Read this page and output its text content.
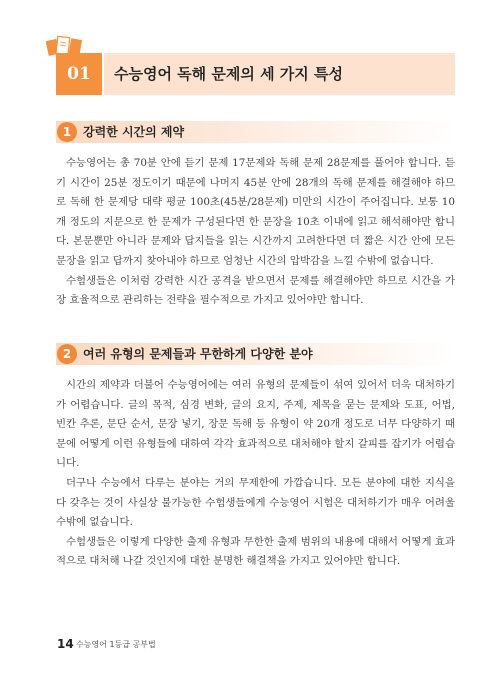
01	수능영어 독해 문제의 세 가지 특성
1 강력한 시간의 제약

수능영어는 총 70분 안에 듣기 문제 17문제와 독해 문제 28문제를 풀어야 합니다. 듣기 시간이 25분 정도이기 때문에 나머지 45분 안에 28개의 독해 문제를 해결해야 하므로 독해 한 문제당 대략 평균 100초(45분/28문제) 미만의 시간이 주어집니다. 보통 10개 정도의 지문으로 한 문제가 구성된다면 한 문장을 10초 이내에 읽고 해석해야만 합니다. 본문뿐만 아니라 문제와 답지들을 읽는 시간까지 고려한다면 더 짧은 시간 안에 모든 문장을 읽고 답까지 찾아내야 하므로 엄청난 시간의 압박감을 느낄 수밖에 없습니다.

수험생들은 이처럼 강력한 시간 공격을 받으면서 문제를 해결해야만 하므로 시간을 가장 효율적으로 관리하는 전략을 필수적으로 가지고 있어야만 합니다.

2 여러 유형의 문제들과 무한하게 다양한 분야

시간의 제약과 더불어 수능영어에는 여러 유형의 문제들이 섞여 있어서 더욱 대처하기가 어렵습니다. 글의 목적, 심경 변화, 글의 요지, 주제, 제목을 묻는 문제와 도표, 어법, 빈칸 추론, 문단 순서, 문장 넣기, 장문 독해 등 유형이 약 20개 정도로 너무 다양하기 때문에 어떻게 이런 유형들에 대하여 각각 효과적으로 대처해야 할지 갈피를 잡기가 어렵습니다.

더구나 수능에서 다루는 분야는 거의 무제한에 가깝습니다. 모든 분야에 대한 지식을 다 갖추는 것이 사실상 불가능한 수험생들에게 수능영어 시험은 대처하기가 매우 어려울 수밖에 없습니다.

수험생들은 이렇게 다양한 출제 유형과 무한한 출제 범위의 내용에 대해서 어떻게 효과적으로 대처해 나갈 것인지에 대한 분명한 해결책을 가지고 있어야만 합니다.

14 수능영어 1등급 공부법
